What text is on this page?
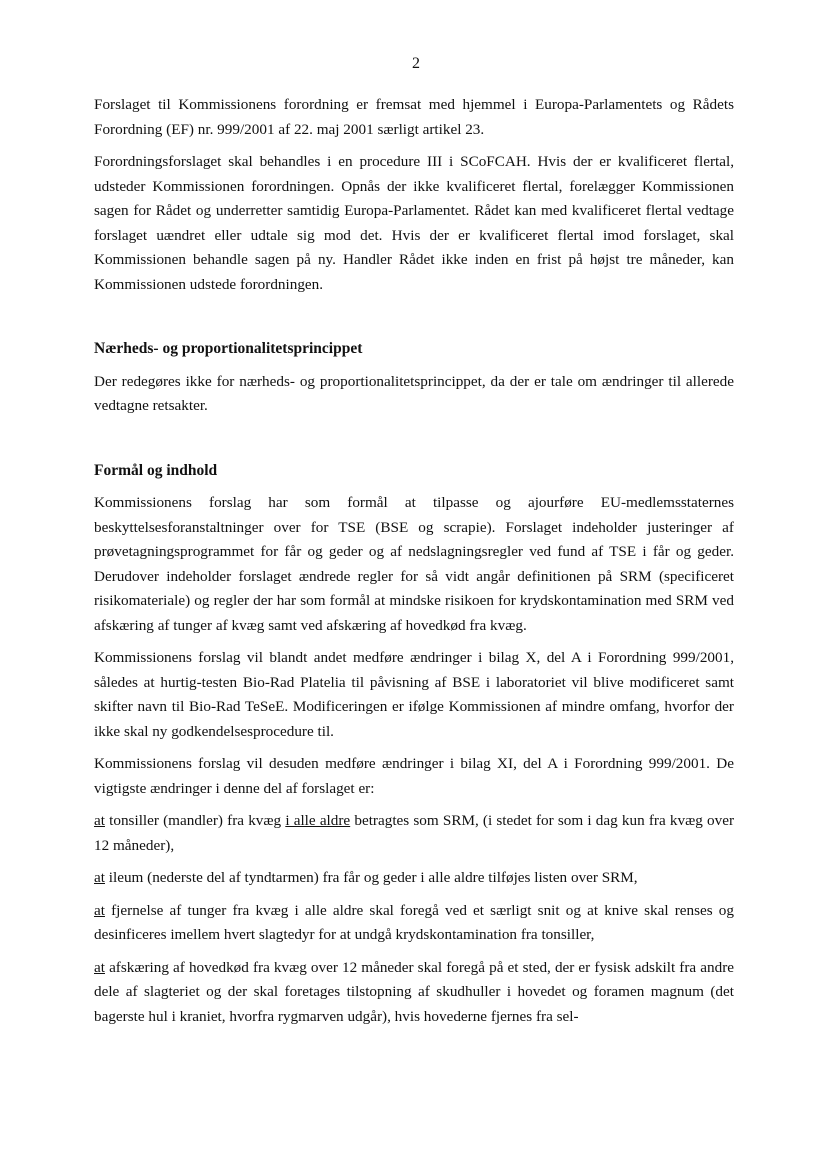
2

Forslaget til Kommissionens forordning er fremsat med hjemmel i Europa-Parlamentets og Rådets Forordning (EF) nr. 999/2001 af 22. maj 2001 særligt artikel 23.

Forordningsforslaget skal behandles i en procedure III i SCoFCAH. Hvis der er kvalificeret flertal, udsteder Kommissionen forordningen. Opnås der ikke kvalificeret flertal, forelægger Kommissionen sagen for Rådet og underretter samtidig Europa-Parlamentet. Rådet kan med kvalificeret flertal vedtage forslaget uændret eller udtale sig mod det. Hvis der er kvalificeret flertal imod forslaget, skal Kommissionen behandle sagen på ny. Handler Rådet ikke inden en frist på højst tre måneder, kan Kommissionen udstede forordningen.

Nærheds- og proportionalitetsprincippet

Der redegøres ikke for nærheds- og proportionalitetsprincippet, da der er tale om ændringer til allerede vedtagne retsakter.

Formål og indhold

Kommissionens forslag har som formål at tilpasse og ajourføre EU-medlemsstaternes beskyttelsesforanstaltninger over for TSE (BSE og scrapie). Forslaget indeholder justeringer af prøvetagningsprogrammet for får og geder og af nedslagningsregler ved fund af TSE i får og geder. Derudover indeholder forslaget ændrede regler for så vidt angår definitionen på SRM (specificeret risikomateriale) og regler der har som formål at mindske risikoen for krydskontamination med SRM ved afskæring af tunger af kvæg samt ved afskæring af hovedkød fra kvæg.

Kommissionens forslag vil blandt andet medføre ændringer i bilag X, del A i Forordning 999/2001, således at hurtig-testen Bio-Rad Platelia til påvisning af BSE i laboratoriet vil blive modificeret samt skifter navn til Bio-Rad TeSeE. Modificeringen er ifølge Kommissionen af mindre omfang, hvorfor der ikke skal ny godkendelsesprocedure til.

Kommissionens forslag vil desuden medføre ændringer i bilag XI, del A i Forordning 999/2001. De vigtigste ændringer i denne del af forslaget er:

at tonsiller (mandler) fra kvæg i alle aldre betragtes som SRM, (i stedet for som i dag kun fra kvæg over 12 måneder),

at ileum (nederste del af tyndtarmen) fra får og geder i alle aldre tilføjes listen over SRM,

at fjernelse af tunger fra kvæg i alle aldre skal foregå ved et særligt snit og at knive skal renses og desinficeres imellem hvert slagtedyr for at undgå krydskontamination fra tonsiller,

at afskæring af hovedkød fra kvæg over 12 måneder skal foregå på et sted, der er fysisk adskilt fra andre dele af slagteriet og der skal foretages tilstopning af skudhuller i hovedet og foramen magnum (det bagerste hul i kraniet, hvorfra rygmarven udgår), hvis hovederne fjernes fra sel-
